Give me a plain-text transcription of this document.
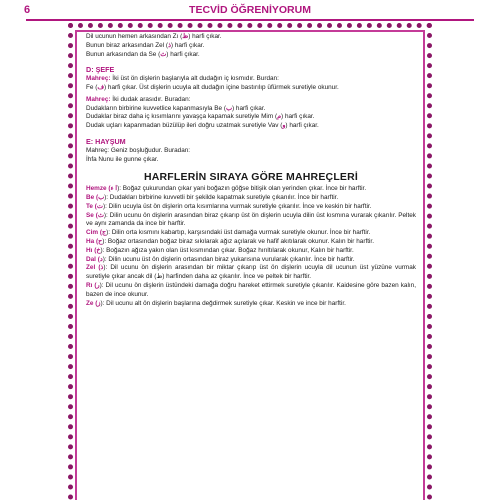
6	TECVİD ÖĞRENİYORUM

Dil ucunun hemen arkasından Zı (ظ) harfi çıkar.

Bunun biraz arkasından Zel (ذ) harfi çıkar.

Bunun arkasından da Se (ث) harfi çıkar.

D: ŞEFE

Mahreç: İki üst ön dişlerin başlarıyla alt dudağın iç kısmıdır. Burdan:

Fe (ف) harfi çıkar. Üst dişlerin ucuyla alt dudağın içine bastırılıp üfürmek suretiyle okunur.

Mahreç: İki dudak arasıdır. Buradan:

Dudakların birbirine kuvvetlice kapanmasıyla Be (ب) harfi çıkar.

Dudaklar biraz daha iç kısımlarını yavaşça kapamak suretiyle Mim (م) harfi çıkar.

Dudak uçları kapanmadan büzülüp ileri doğru uzatmak suretiyle Vav (و) harfi çıkar.

E: HAYŞUM

Mahreç: Geniz boşluğudur. Buradan:

İhfa Nunu ile gunne çıkar.

HARFLERİN SIRAYA GÖRE MAHREÇLERİ

Hemze (ا ء): Boğaz çukurundan çıkar yani boğazın göğse bitişik olan yerinden çıkar. İnce bir harftir.

Be (ب): Dudakları birbirine kuvvetli bir şekilde kapatmak suretiyle çıkanılır. İnce bir harftir.

Te (ت): Dilin ucuyla üst ön dişlerin orta kısımlarına vurmak suretiyle çıkarılır. İnce ve keskin bir harftir.

Se (ث): Dilin ucunu ön dişlerin arasından biraz çıkarıp üst ön dişlerin ucuyla dilin üst kısmına vurarak çıkarılır. Peltek ve aynı zamanda da ince bir harftir.

Cim (ج): Dilin orta kısmını kabartıp, karşısındaki üst damağa vurmak suretiyle okunur. İnce bir harftir.

Ha (ح): Boğaz ortasından boğaz biraz sıkılarak ağız açılarak ve hafif akıtılarak okunur. Kalın bir harftir.

Hı (خ): Boğazın ağıza yakın olan üst kısmından çıkar. Boğaz hırıltılarak okunur, Kalın bir harftir.

Dal (د): Dilin ucunu üst ön dişlerin ortasından biraz yukarısına vurularak çıkarılır. İnce bir harftir.

Zel (ذ): Dil ucunu ön dişlerin arasından bir miktar çıkarıp üst ön dişlerin ucuyla dil ucunun üst yüzüne vurmak suretiyle çıkar ancak dil (ظ) harfinden daha az çıkarılır. İnce ve peltek bir harftir.

Rı (ر): Dil ucunu ön dişlerin üstündeki damağa doğru hareket ettirmek suretiyle çıkarılır. Kaidesine göre bazen kalın, bazen de ince okunur.

Ze (ز): Dil ucunu alt ön dişlerin başlarına değdirmek suretiyle çıkar. Keskin ve ince bir harftir.
